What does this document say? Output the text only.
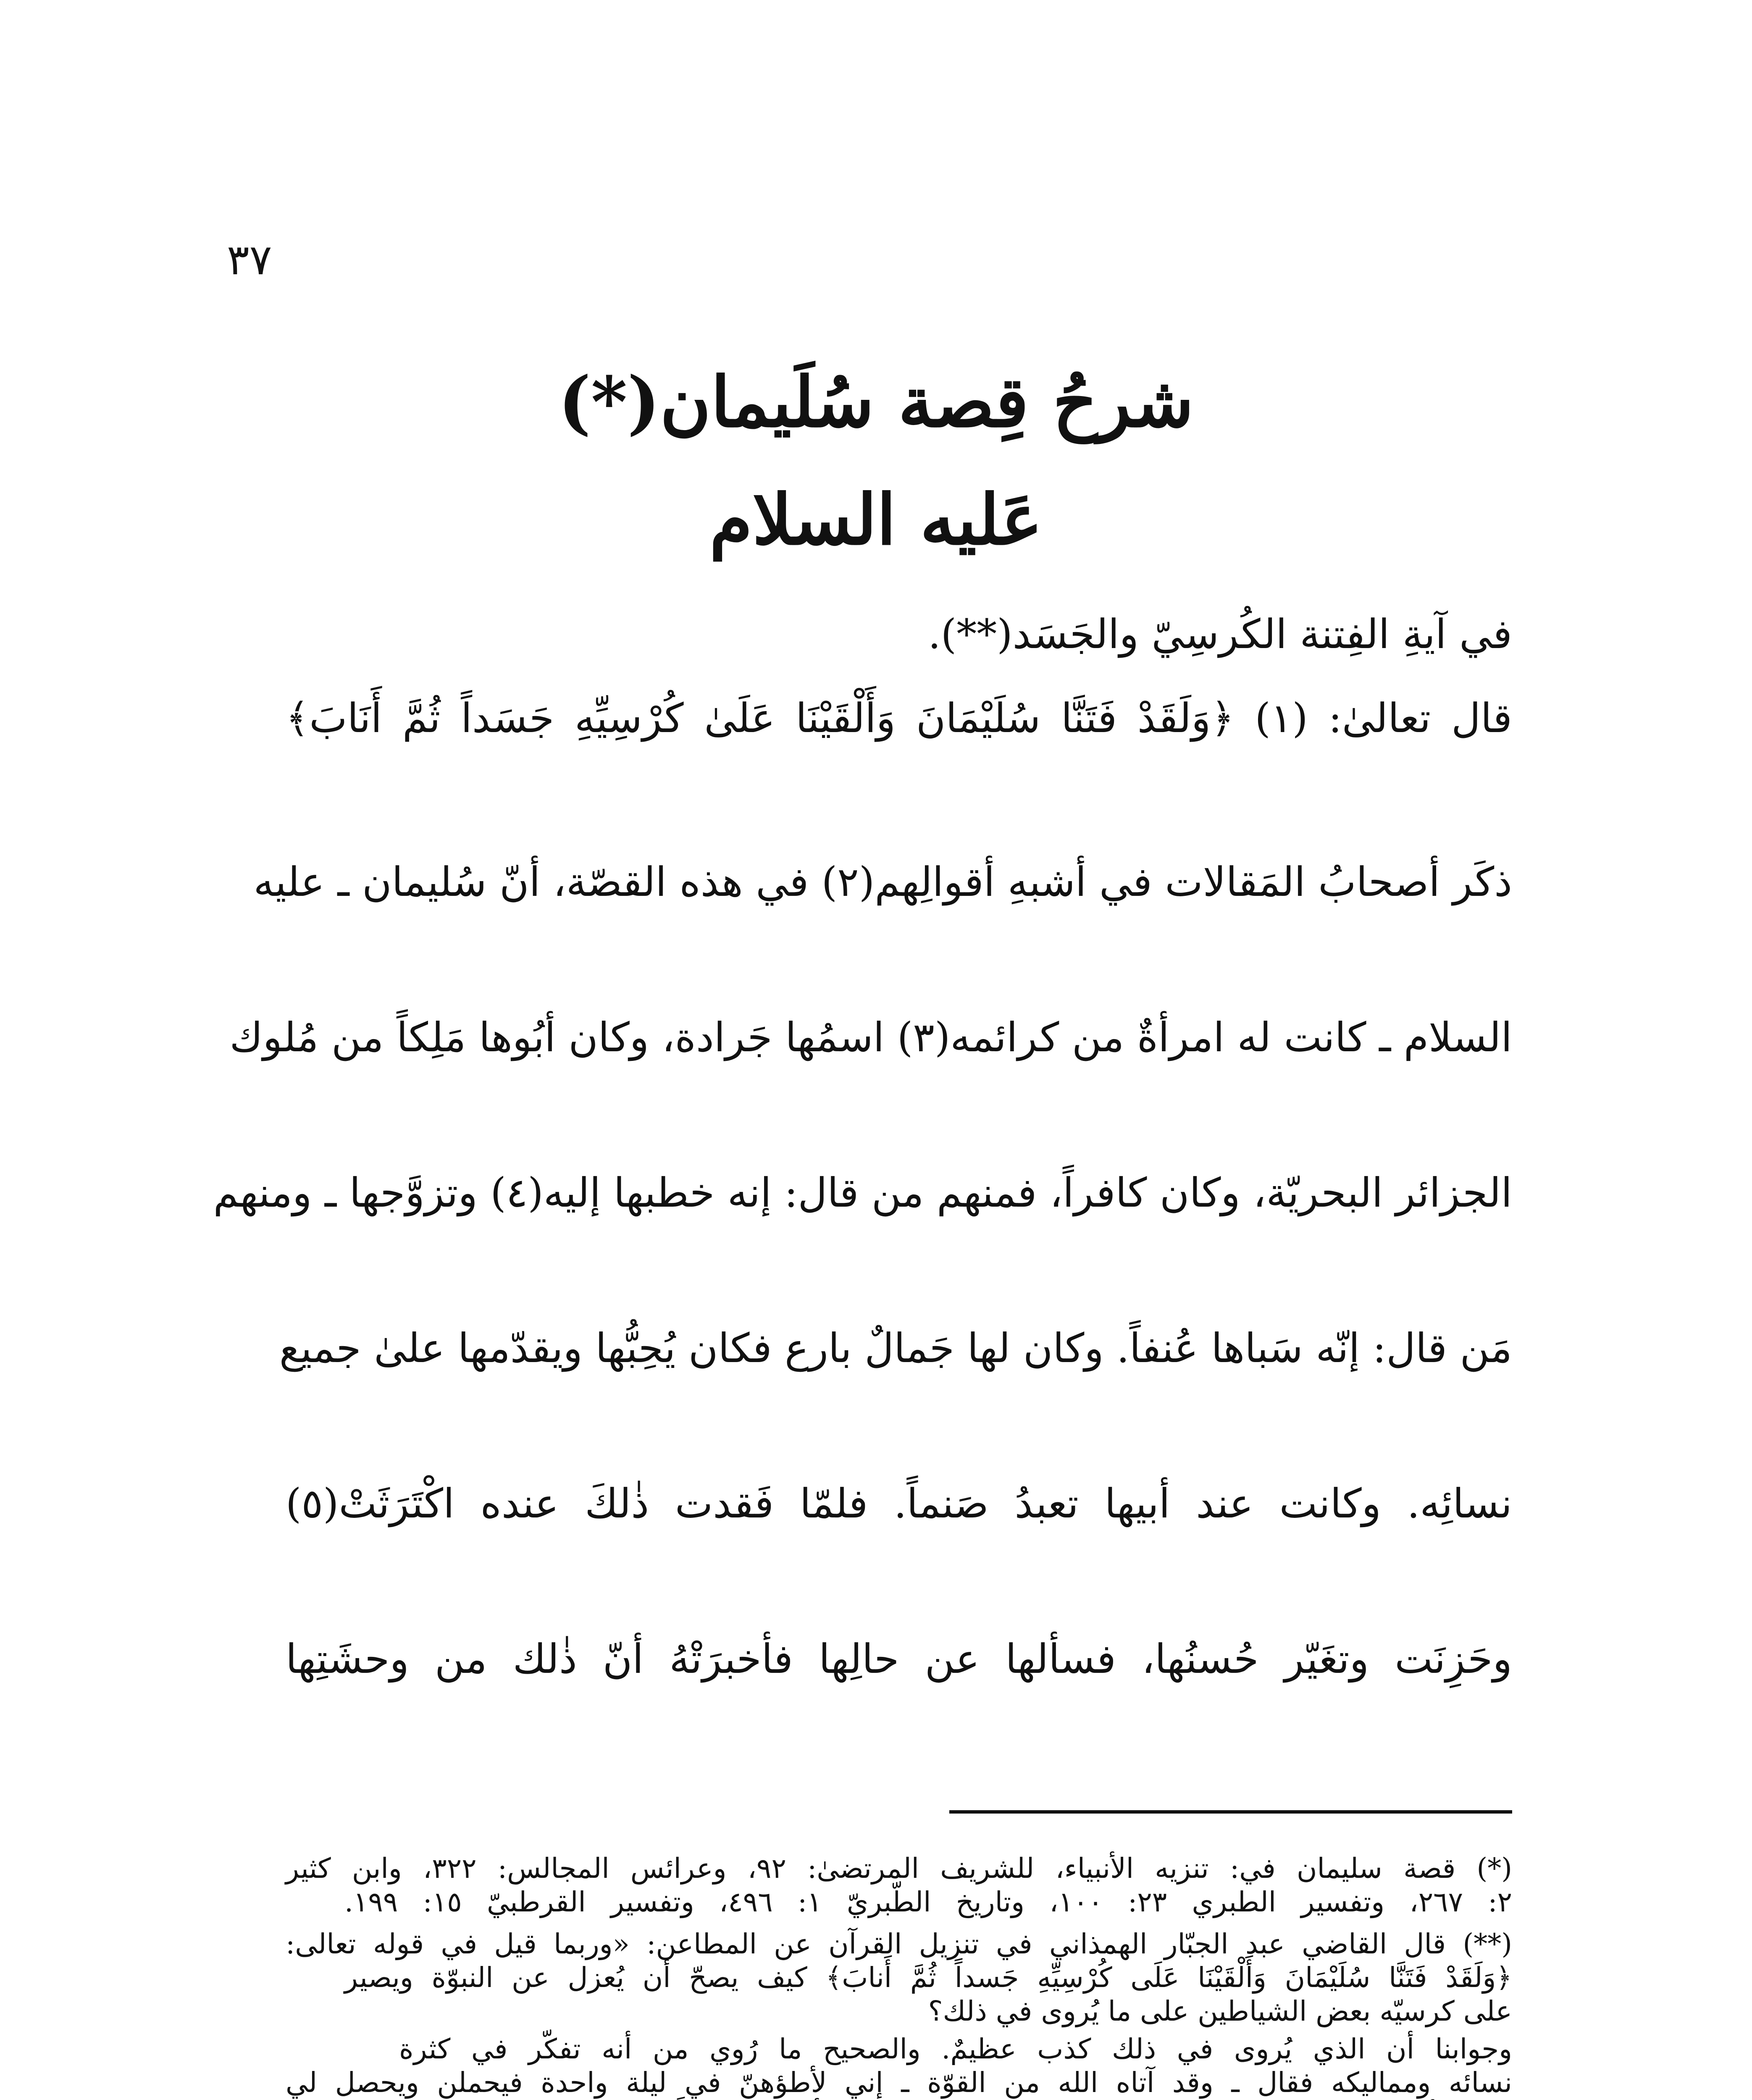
٣٧
شرحُ قِصة سُلَيمان(*)
عَليه السلام
في آيةِ الفِتنة الكُرسِيّ والجَسَد(**).
قال تعالىٰ: (١) ﴿وَلَقَدْ فَتَنَّا سُلَيْمَانَ وَأَلْقَيْنَا عَلَىٰ كُرْسِيِّهِ جَسَداً ثُمَّ أَنَابَ﴾
ذكَر أصحابُ المَقالات في أشبهِ أقوالِهم(٢) في هذه القصّة، أنّ سُليمان ـ عليه
السلام ـ كانت له امرأةٌ من كرائمه(٣) اسمُها جَرادة، وكان أبُوها مَلِكاً من مُلوك
الجزائر البحريّة، وكان كافراً، فمنهم من قال: إنه خطبها إليه(٤) وتزوَّجها ـ ومنهم
مَن قال: إنّه سَباها عُنفاً. وكان لها جَمالٌ بارع فكان يُحِبُّها ويقدّمها علىٰ جميع
نسائِه. وكانت عند أبيها تعبدُ صَنماً. فلمّا فَقدت ذٰلكَ عنده اكْتَرَثَتْ(٥)
وحَزِنَت وتغَيّر حُسنُها، فسألها عن حالِها فأخبرَتْهُ أنّ ذٰلك من وحشَتِها
(*) قصة سليمان في: تنزيه الأنبياء، للشريف المرتضىٰ: ٩٢، وعرائس المجالس: ٣٢٢، وابن كثير
٢: ٢٦٧، وتفسير الطبري ٢٣: ١٠٠، وتاريخ الطّبريّ ١: ٤٩٦، وتفسير القرطبيّ ١٥: ١٩٩.
(**) قال القاضي عبد الجبّار الهمذاني في تنزيل القرآن عن المطاعن: «وربما قيل في قوله تعالى:
﴿وَلَقَدْ فَتَنَّا سُلَيْمَانَ وَأَلْقَيْنَا عَلَى كُرْسِيِّهِ جَسداً ثُمَّ أَنابَ﴾ كيف يصحّ أن يُعزل عن النبوّة ويصير
على كرسيّه بعض الشياطين على ما يُروى في ذلك؟
وجوابنا أن الذي يُروى في ذلك كذب عظيمٌ. والصحيح ما رُوي من أنه تفكّر في كثرة
نسائه ومماليكه فقال ـ وقد آتاه الله من القوّة ـ إني لأطؤهنّ في ليلة واحدة فيحملن ويحصل لي
